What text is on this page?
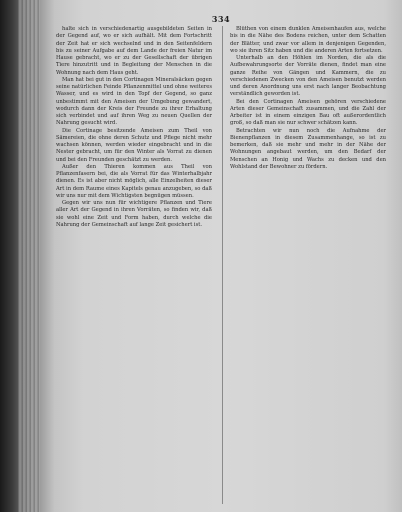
334

halte sich in verschiedenartig ausgebildeten Seiten in der Gegend auf, wo er sich aufhält. Mit dem Fortschritt der Zeit hat er sich wechselnd und in den Seitenfeldern bis zu seiner Aufgabe auf dem Lande der freien Natur im Hause gebracht, wo er zu der Gesellschaft der übrigen Tiere hinzutritt und in Begleitung der Menschen in die Wohnung nach dem Haus geht.

Man hat bei gut in den Cortinagen Mineralsäcken gegen seine natürlichen Feinde Pflanzenmittel und ohne weiteres Wasser, und es wird in den Topf der Gegend, so ganz unbestimmt mit den Ameisen der Umgebung gewandert, wodurch dann der Kreis der Freunde zu ihrer Erhaltung sich verbindet und auf ihren Weg zu neuen Quellen der Nahrung gesucht wird.

Die Cortinage besitzende Ameisen zum Theil von Sämereien, die ohne deren Schutz und Pflege nicht mehr wachsen können, werden wieder eingebracht und in die Nester gebracht, um für den Winter als Vorrat zu dienen und bei den Freunden geschätzt zu werden.

Außer den Thieren kommen aus Theil von Pflanzenfasern bei, die als Vorrat für das Winterhalbjahr dienen. Es ist aber nicht möglich, alle Einzelheiten dieser Art in dem Raume eines Kapitels genau anzugeben, so daß wir uns nur mit dem Wichtigsten begnügen müssen.

Gegen wir uns nun für wichtigere Pflanzen und Tiere aller Art der Gegend in ihren Vorräten, so finden wir, daß sie wohl eine Zeit und Form haben, durch welche die Nahrung der Gemeinschaft auf lange Zeit gesichert ist.

Blüthen von einem dunklen Ameisenhaufen aus, welche bis in die Nähe des Bodens reichen, unter dem Schatten der Blätter, und zwar vor allem in denjenigen Gegenden, wo sie ihren Sitz haben und die anderen Arten fortsetzen.

Unterhalb an den Höhlen im Norden, die als die Aufbewahrungsorte der Vorräte dienen, findet man eine ganze Reihe von Gängen und Kammern, die zu verschiedenen Zwecken von den Ameisen benutzt werden und deren Anordnung uns erst nach langer Beobachtung verständlich geworden ist.

Bei den Cortinagen Ameisen gehören verschiedene Arten dieser Gemeinschaft zusammen, und die Zahl der Arbeiter ist in einem einzigen Bau oft außerordentlich groß, so daß man sie nur schwer schätzen kann.

Betrachten wir nun noch die Aufnahme der Bienenpflanzen in diesem Zusammenhange, so ist zu bemerken, daß sie mehr und mehr in der Nähe der Wohnungen angebaut werden, um den Bedarf der Menschen an Honig und Wachs zu decken und den Wohlstand der Bewohner zu fördern.
